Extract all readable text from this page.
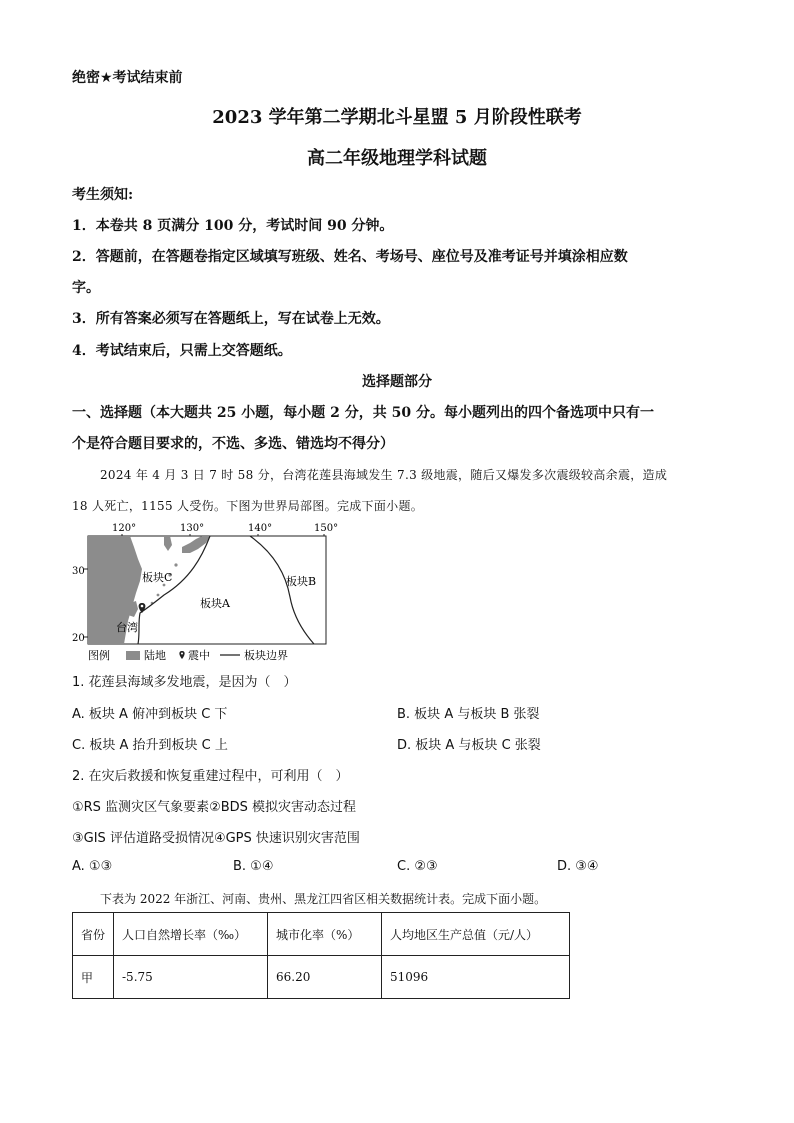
绝密★考试结束前
2023 学年第二学期北斗星盟 5 月阶段性联考
高二年级地理学科试题
考生须知:
1．本卷共 8 页满分 100 分，考试时间 90 分钟。
2．答题前，在答题卷指定区域填写班级、姓名、考场号、座位号及准考证号并填涂相应数
字。
3．所有答案必须写在答题纸上，写在试卷上无效。
4．考试结束后，只需上交答题纸。
选择题部分
一、选择题（本大题共 25 小题，每小题 2 分，共 50 分。每小题列出的四个备选项中只有一
个是符合题目要求的，不选、多选、错选均不得分）
2024 年 4 月 3 日 7 时 58 分，台湾花莲县海域发生 7.3 级地震，随后又爆发多次震级较高余震，造成
18 人死亡，1155 人受伤。下图为世界局部图。完成下面小题。
120°	130°	140°	150°
30
20
板块C
板块A
板块B
台湾
图例	陆地 震中	板块边界
1. 花莲县海域多发地震，是因为（　）
A. 板块 A 俯冲到板块 C 下	B. 板块 A 与板块 B 张裂
C. 板块 A 抬升到板块 C 上	D. 板块 A 与板块 C 张裂
2. 在灾后救援和恢复重建过程中，可利用（　）
①RS 监测灾区气象要素②BDS 模拟灾害动态过程
③GIS 评估道路受损情况④GPS 快速识别灾害范围
A. ①③	B. ①④	C. ②③	D. ③④
下表为 2022 年浙江、河南、贵州、黑龙江四省区相关数据统计表。完成下面小题。
省份	人口自然增长率（‰）	城市化率（%）	人均地区生产总值（元/人）
甲	-5.75	66.20	51096
